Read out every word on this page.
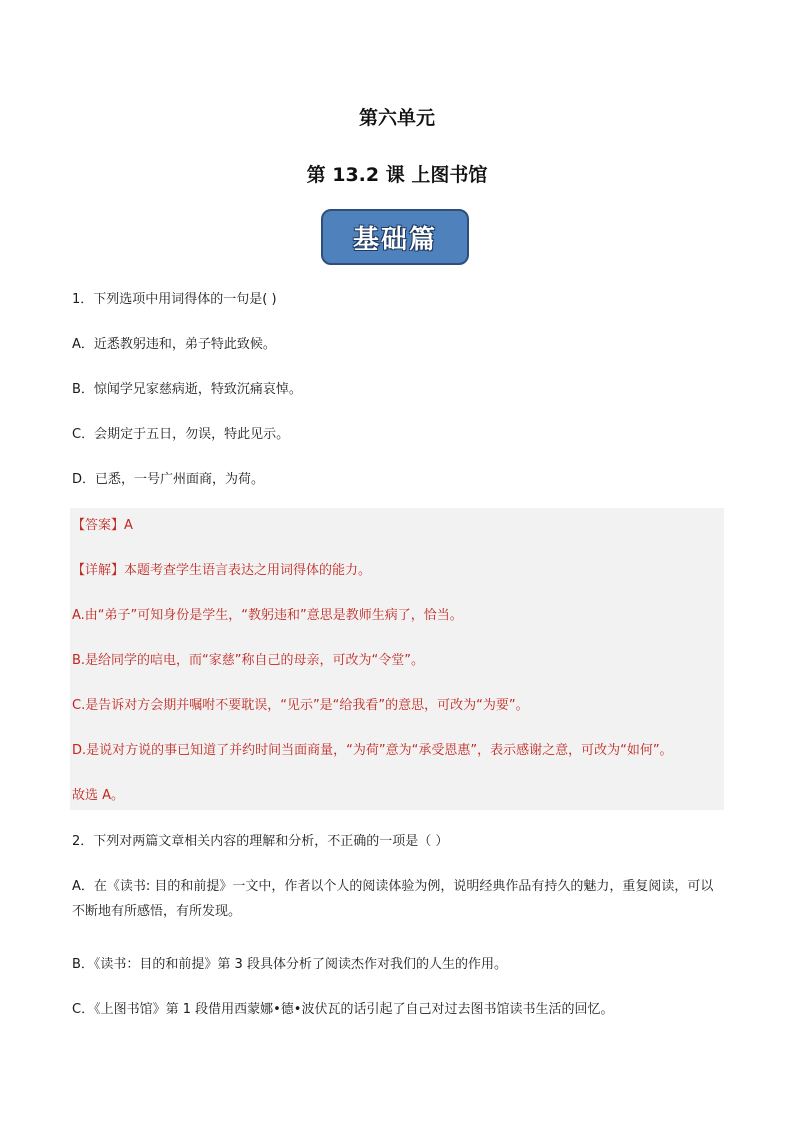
第六单元
第 13.2 课 上图书馆
基础篇
1．下列选项中用词得体的一句是( )
A．近悉教躬违和，弟子特此致候。
B．惊闻学兄家慈病逝，特致沉痛哀悼。
C．会期定于五日，勿误，特此见示。
D．已悉，一号广州面商，为荷。
【答案】A
【详解】本题考查学生语言表达之用词得体的能力。
A.由“弟子”可知身份是学生，“教躬违和”意思是教师生病了，恰当。
B.是给同学的唁电，而“家慈”称自己的母亲，可改为“令堂”。
C.是告诉对方会期并嘱咐不要耽误，“见示”是“给我看”的意思，可改为“为要”。
D.是说对方说的事已知道了并约时间当面商量，“为荷”意为“承受恩惠”，表示感谢之意，可改为“如何”。
故选 A。
2．下列对两篇文章相关内容的理解和分析，不正确的一项是（ ）
A．在《读书: 目的和前提》一文中，作者以个人的阅读体验为例，说明经典作品有持久的魅力，重复阅读，可以不断地有所感悟，有所发现。
B．《读书：目的和前提》第 3 段具体分析了阅读杰作对我们的人生的作用。
C．《上图书馆》第 1 段借用西蒙娜•德•波伏瓦的话引起了自己对过去图书馆读书生活的回忆。
